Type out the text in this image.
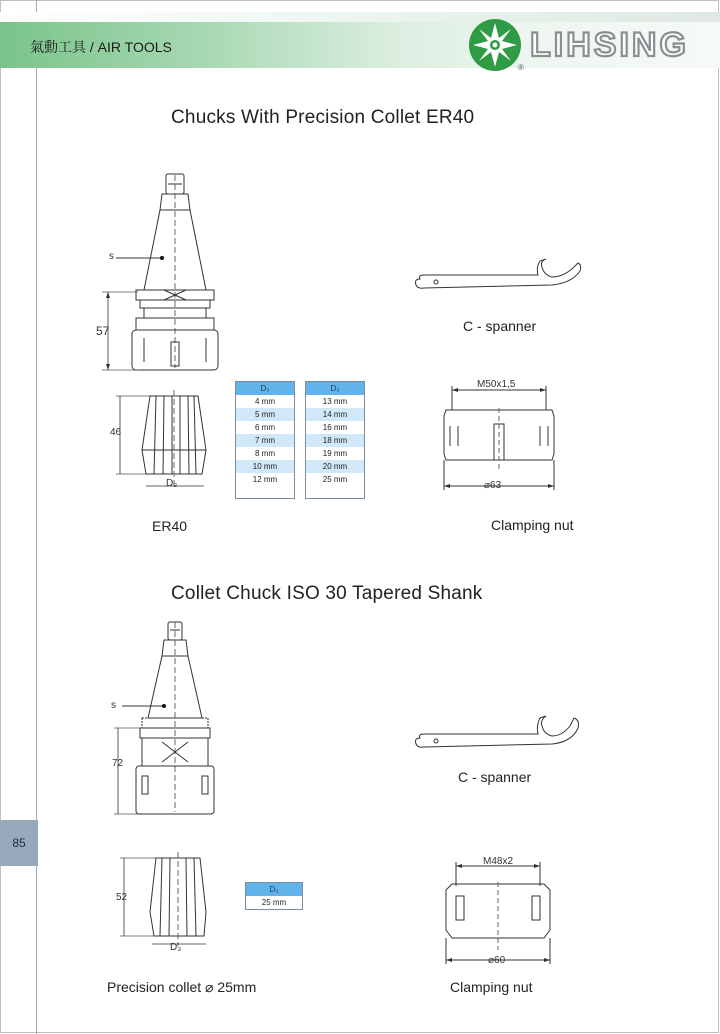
氣動工具 / AIR TOOLS	LIHSING
®
Chucks With Precision Collet ER40
s
57
46
D₃
ER40
D₃
4 mm
5 mm
6 mm
7 mm
8 mm
10 mm
12 mm
D₃
13 mm
14 mm
16 mm
18 mm
19 mm
20 mm
25 mm
C - spanner
M50x1,5
⌀63
Clamping nut
Collet Chuck ISO 30 Tapered Shank
s
72
52
D₃
Precision collet ⌀ 25mm
D₃
25 mm
C - spanner
M48x2
⌀60
Clamping nut
85
